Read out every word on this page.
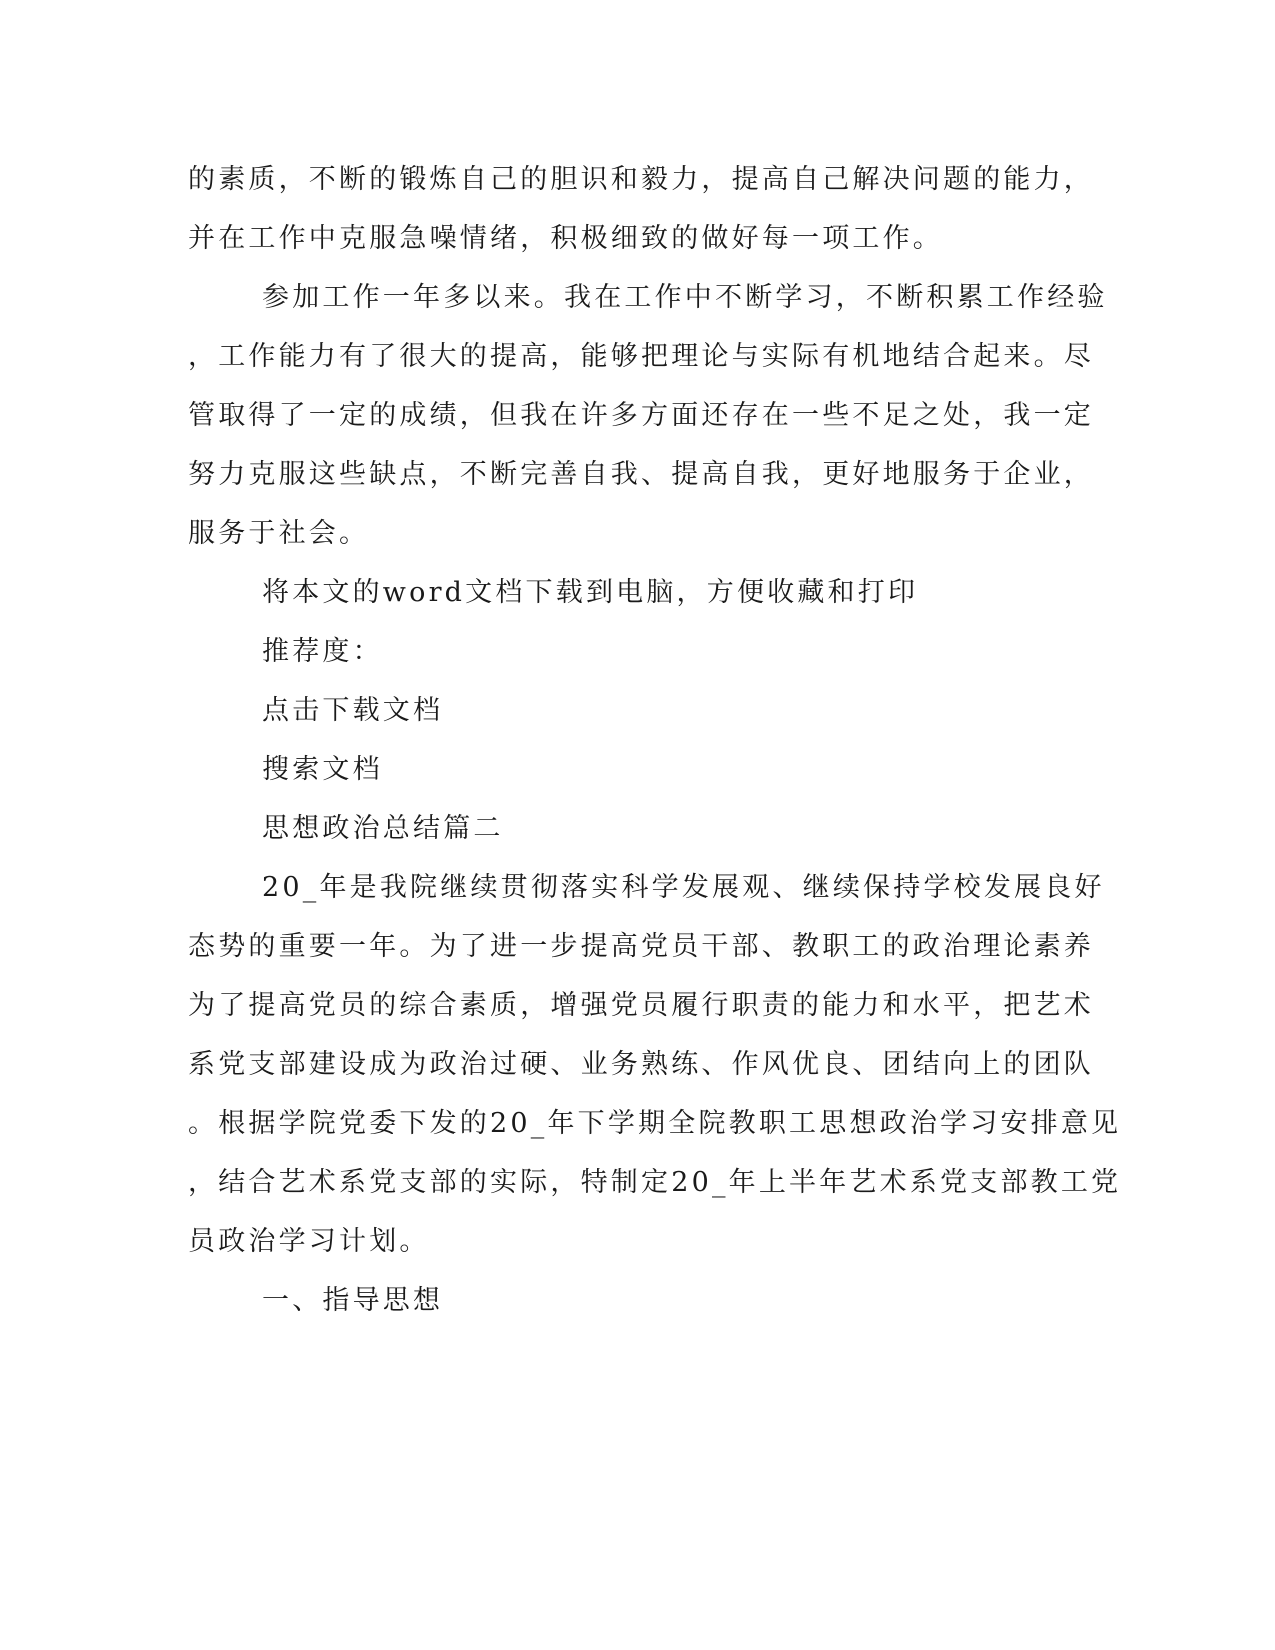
的素质，不断的锻炼自己的胆识和毅力，提高自己解决问题的能力，
并在工作中克服急噪情绪，积极细致的做好每一项工作。
参加工作一年多以来。我在工作中不断学习，不断积累工作经验
，工作能力有了很大的提高，能够把理论与实际有机地结合起来。尽
管取得了一定的成绩，但我在许多方面还存在一些不足之处，我一定
努力克服这些缺点，不断完善自我、提高自我，更好地服务于企业，
服务于社会。
将本文的word文档下载到电脑，方便收藏和打印
推荐度：
点击下载文档
搜索文档
思想政治总结篇二
20_年是我院继续贯彻落实科学发展观、继续保持学校发展良好
态势的重要一年。为了进一步提高党员干部、教职工的政治理论素养
为了提高党员的综合素质，增强党员履行职责的能力和水平，把艺术
系党支部建设成为政治过硬、业务熟练、作风优良、团结向上的团队
。根据学院党委下发的20_年下学期全院教职工思想政治学习安排意见
，结合艺术系党支部的实际，特制定20_年上半年艺术系党支部教工党
员政治学习计划。
一、指导思想
